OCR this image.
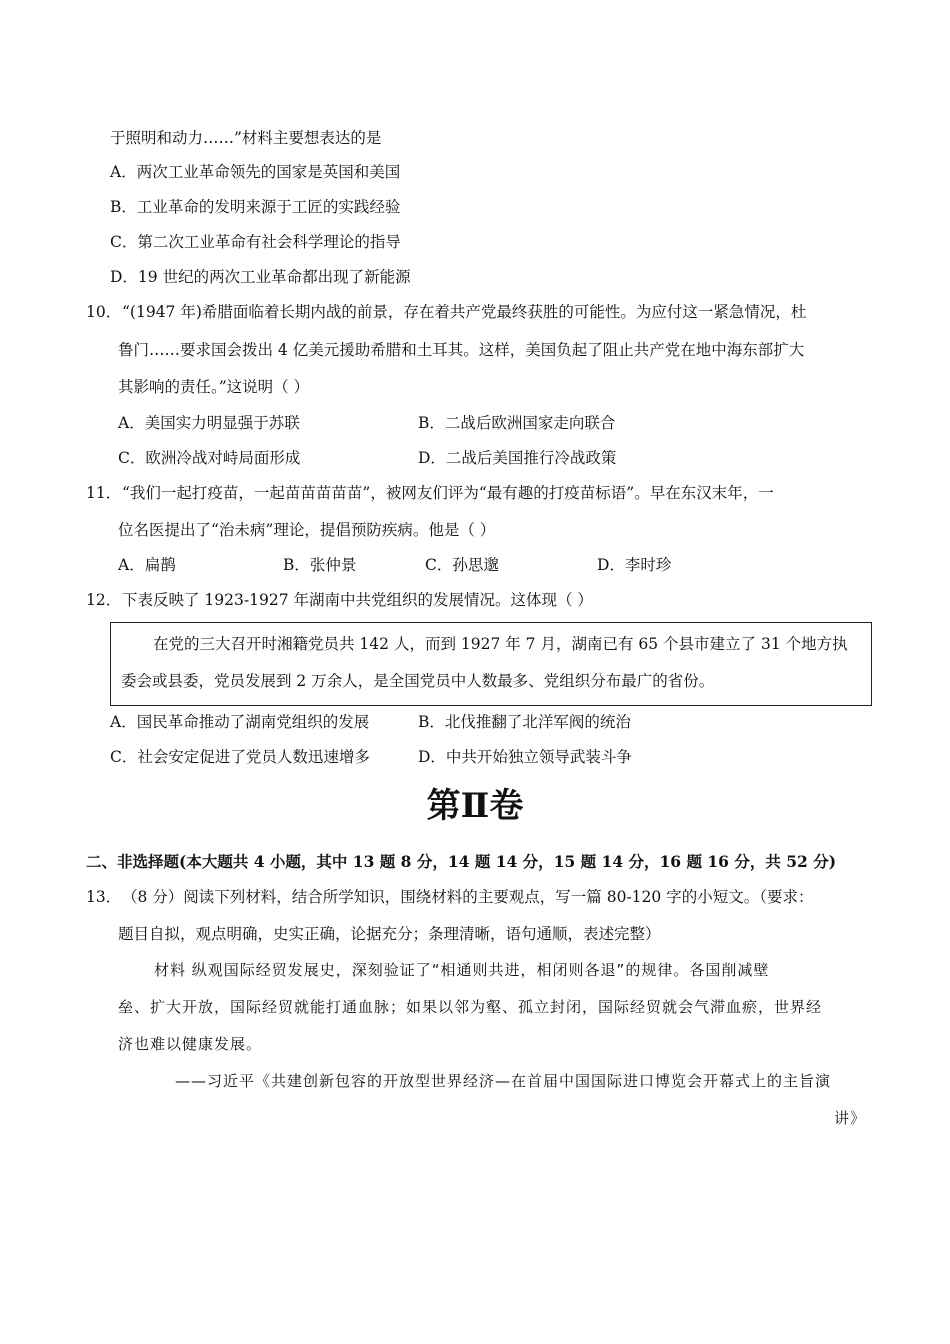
于照明和动力……”材料主要想表达的是
A．两次工业革命领先的国家是英国和美国
B．工业革命的发明来源于工匠的实践经验
C．第二次工业革命有社会科学理论的指导
D．19 世纪的两次工业革命都出现了新能源
10． “(1947 年)希腊面临着长期内战的前景，存在着共产党最终获胜的可能性。为应付这一紧急情况，杜
鲁门……要求国会拨出 4 亿美元援助希腊和土耳其。这样，美国负起了阻止共产党在地中海东部扩大
其影响的责任。”这说明（ ）
A．美国实力明显强于苏联	B．二战后欧洲国家走向联合
C．欧洲冷战对峙局面形成	D．二战后美国推行冷战政策
11． “我们一起打疫苗，一起苗苗苗苗苗”，被网友们评为“最有趣的打疫苗标语”。早在东汉末年，一
位名医提出了“治未病”理论，提倡预防疾病。他是（ ）
A．扁鹊	B．张仲景	C．孙思邈	D．李时珍
12． 下表反映了 1923-1927 年湖南中共党组织的发展情况。这体现（ ）
在党的三大召开时湘籍党员共 142 人，而到 1927 年 7 月，湖南已有 65 个县市建立了 31 个地方执
委会或县委，党员发展到 2 万余人，是全国党员中人数最多、党组织分布最广的省份。
A．国民革命推动了湖南党组织的发展	B．北伐推翻了北洋军阀的统治
C．社会安定促进了党员人数迅速增多	D．中共开始独立领导武装斗争
第Ⅱ卷
二、非选择题(本大题共 4 小题，其中 13 题 8 分，14 题 14 分，15 题 14 分，16 题 16 分，共 52 分)
13． （8 分）阅读下列材料，结合所学知识，围绕材料的主要观点，写一篇 80-120 字的小短文。（要求：
题目自拟，观点明确，史实正确，论据充分；条理清晰，语句通顺，表述完整）
材料 纵观国际经贸发展史，深刻验证了“相通则共进，相闭则各退”的规律。各国削减壁
垒、扩大开放，国际经贸就能打通血脉；如果以邻为壑、孤立封闭，国际经贸就会气滞血瘀，世界经
济也难以健康发展。
——习近平《共建创新包容的开放型世界经济—在首届中国国际进口博览会开幕式上的主旨演
讲》
